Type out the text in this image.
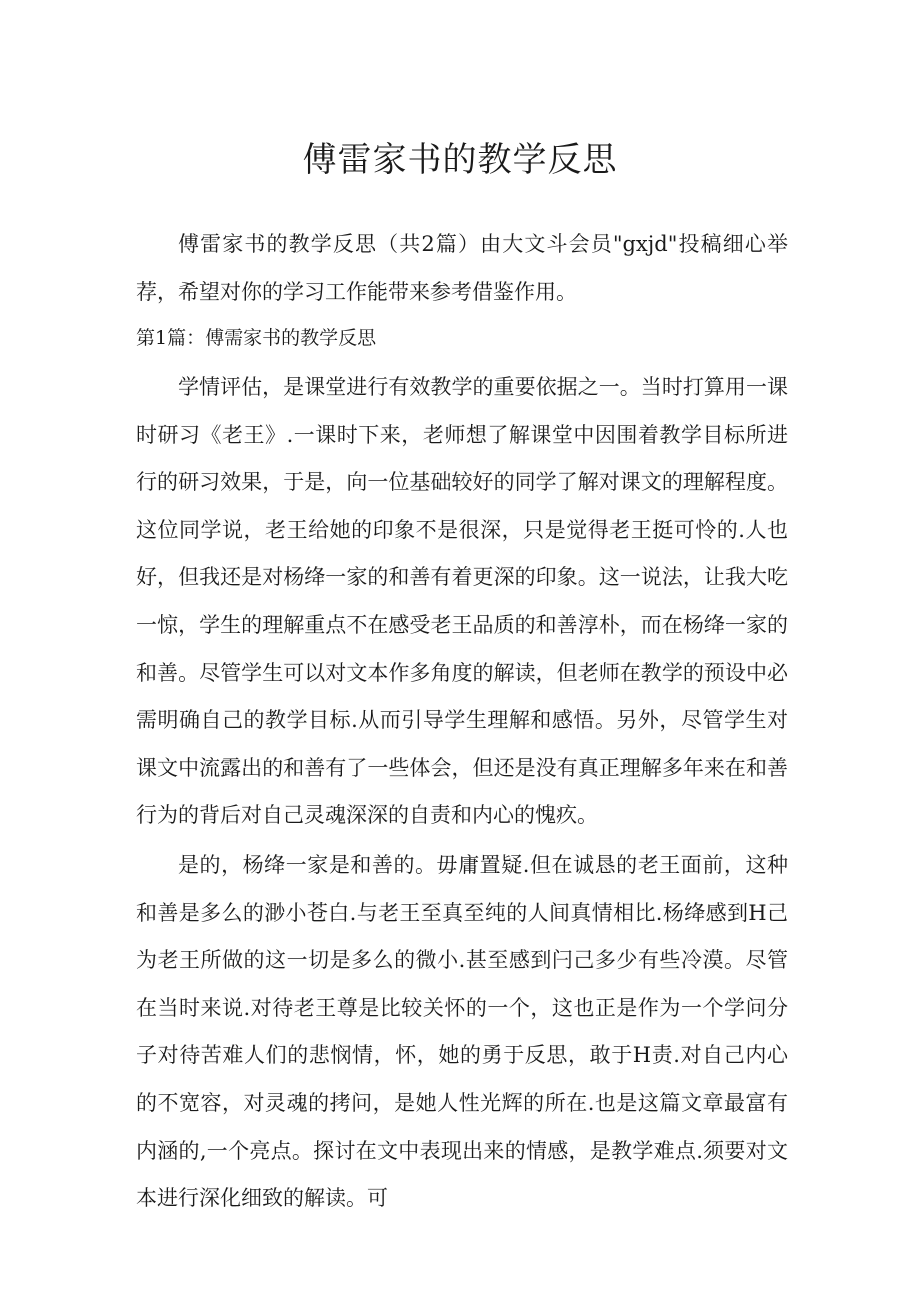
傅雷家书的教学反思

傅雷家书的教学反思（共2篇）由大文斗会员"gxjd"投稿细心举荐，希望对你的学习工作能带来参考借鉴作用。

第1篇：傅需家书的教学反思

学情评估，是课堂进行有效教学的重要依据之一。当时打算用一课时研习《老王》.一课时下来，老师想了解课堂中因围着教学目标所进行的研习效果，于是，向一位基础较好的同学了解对课文的理解程度。这位同学说，老王给她的印象不是很深，只是觉得老王挺可怜的.人也好，但我还是对杨绛一家的和善有着更深的印象。这一说法，让我大吃一惊，学生的理解重点不在感受老王品质的和善淳朴，而在杨绛一家的和善。尽管学生可以对文本作多角度的解读，但老师在教学的预设中必需明确自己的教学目标.从而引导学生理解和感悟。另外，尽管学生对课文中流露出的和善有了一些体会，但还是没有真正理解多年来在和善行为的背后对自己灵魂深深的自责和内心的愧疚。

是的，杨绛一家是和善的。毋庸置疑.但在诚恳的老王面前，这种和善是多么的渺小苍白.与老王至真至纯的人间真情相比.杨绛感到H己为老王所做的这一切是多么的微小.甚至感到闩己多少有些冷漠。尽管在当时来说.对待老王尊是比较关怀的一个，这也正是作为一个学问分子对待苦难人们的悲悯情，怀，她的勇于反思，敢于H责.对自己内心的不宽容，对灵魂的拷问，是她人性光辉的所在.也是这篇文章最富有内涵的,一个亮点。探讨在文中表现出来的情感，是教学难点.须要对文本进行深化细致的解读。可
